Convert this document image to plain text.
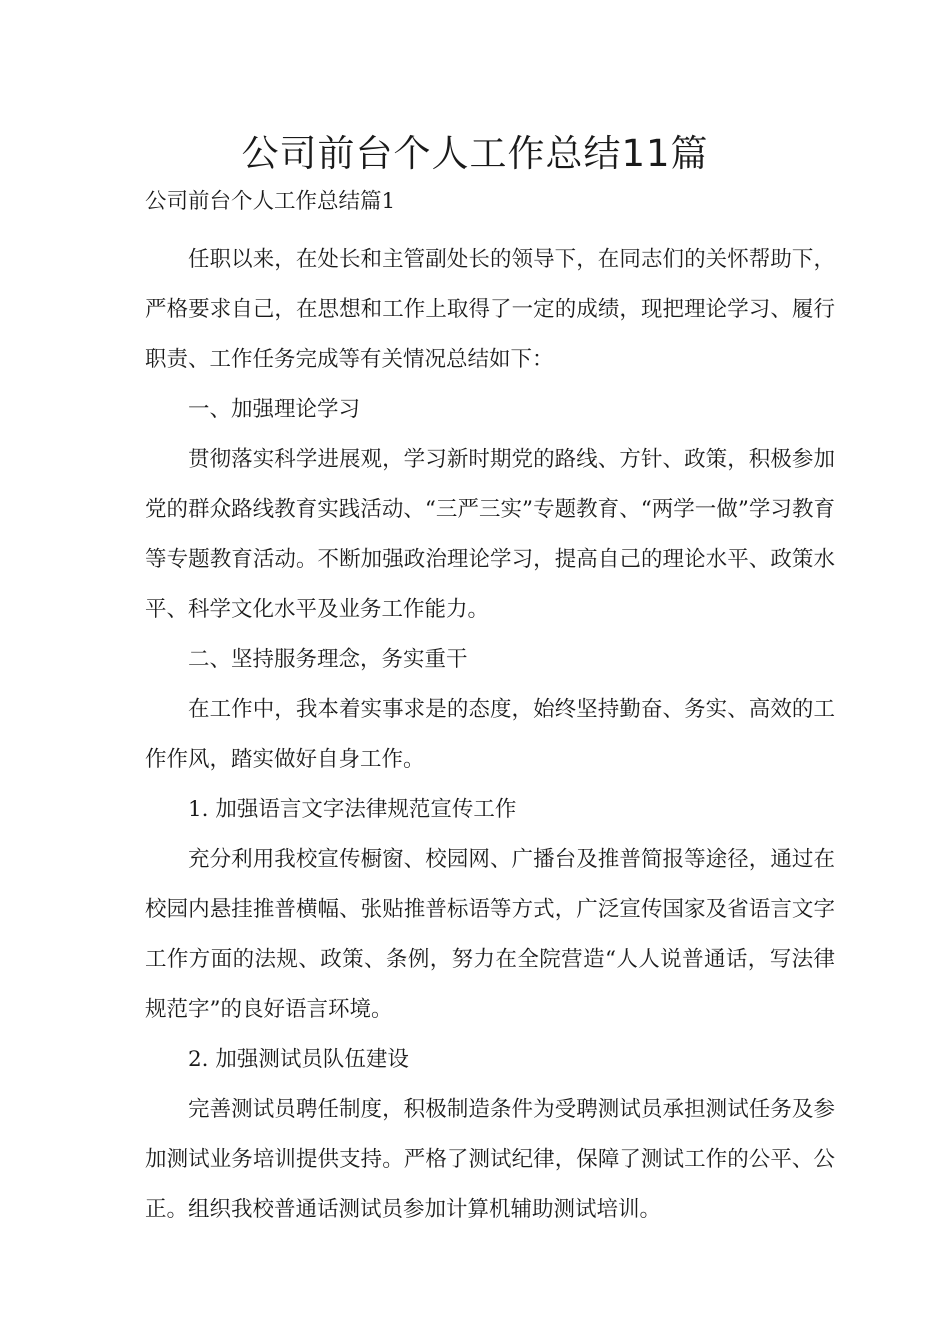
公司前台个人工作总结11篇

公司前台个人工作总结篇1

任职以来，在处长和主管副处长的领导下，在同志们的关怀帮助下，严格要求自己，在思想和工作上取得了一定的成绩，现把理论学习、履行职责、工作任务完成等有关情况总结如下：

一、加强理论学习

贯彻落实科学进展观，学习新时期党的路线、方针、政策，积极参加党的群众路线教育实践活动、“三严三实”专题教育、“两学一做”学习教育等专题教育活动。不断加强政治理论学习，提高自己的理论水平、政策水平、科学文化水平及业务工作能力。

二、坚持服务理念，务实重干

在工作中，我本着实事求是的态度，始终坚持勤奋、务实、高效的工作作风，踏实做好自身工作。

1. 加强语言文字法律规范宣传工作

充分利用我校宣传橱窗、校园网、广播台及推普简报等途径，通过在校园内悬挂推普横幅、张贴推普标语等方式，广泛宣传国家及省语言文字工作方面的法规、政策、条例，努力在全院营造“人人说普通话，写法律规范字”的良好语言环境。

2. 加强测试员队伍建设

完善测试员聘任制度，积极制造条件为受聘测试员承担测试任务及参加测试业务培训提供支持。严格了测试纪律，保障了测试工作的公平、公正。组织我校普通话测试员参加计算机辅助测试培训。
